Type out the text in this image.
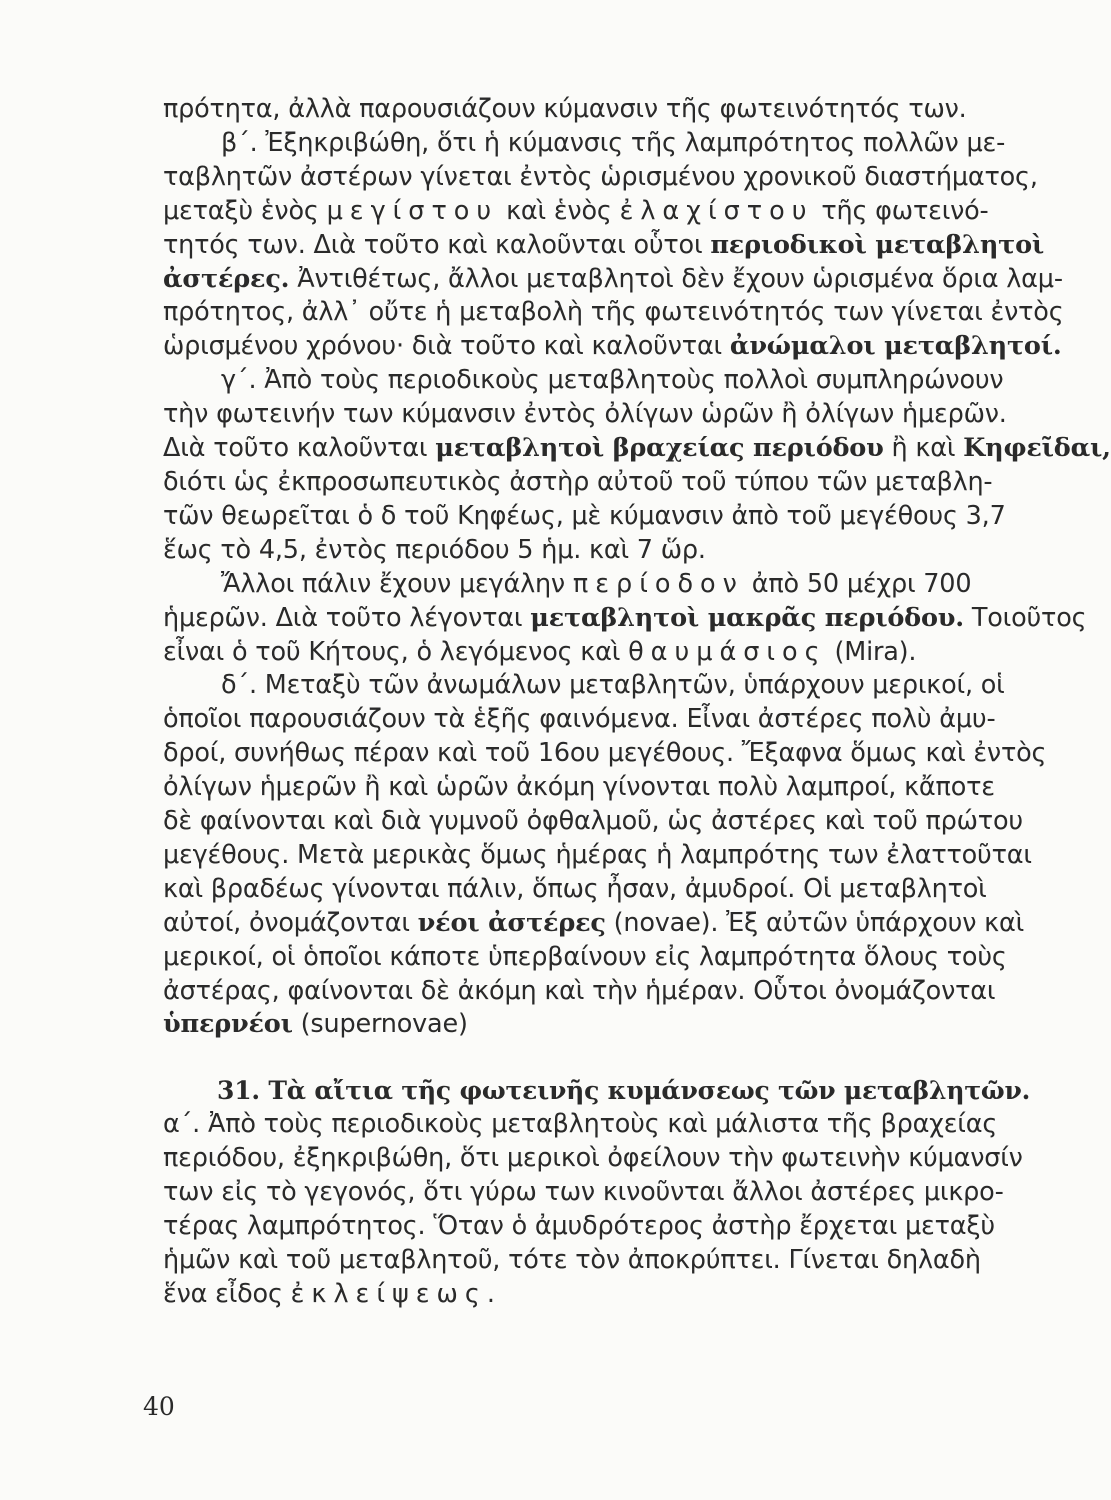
πρότητα, ἀλλὰ παρουσιάζουν κύμανσιν τῆς φωτεινότητός των.
β΄. Ἐξηκριβώθη, ὅτι ἡ κύμανσις τῆς λαμπρότητος πολλῶν με-
ταβλητῶν ἀστέρων γίνεται ἐντὸς ὡρισμένου χρονικοῦ διαστήματος,
μεταξὺ ἑνὸς μεγίστου καὶ ἑνὸς ἐλαχίστου τῆς φωτεινό-
τητός των. Διὰ τοῦτο καὶ καλοῦνται οὗτοι περιοδικοὶ μεταβλητοὶ
ἀστέρες. Ἀντιθέτως, ἄλλοι μεταβλητοὶ δὲν ἔχουν ὡρισμένα ὅρια λαμ-
πρότητος, ἀλλ᾽ οὔτε ἡ μεταβολὴ τῆς φωτεινότητός των γίνεται ἐντὸς
ὡρισμένου χρόνου· διὰ τοῦτο καὶ καλοῦνται ἀνώμαλοι μεταβλητοί.
γ΄. Ἀπὸ τοὺς περιοδικοὺς μεταβλητοὺς πολλοὶ συμπληρώνουν
τὴν φωτεινήν των κύμανσιν ἐντὸς ὀλίγων ὡρῶν ἢ ὀλίγων ἡμερῶν.
Διὰ τοῦτο καλοῦνται μεταβλητοὶ βραχείας περιόδου ἢ καὶ Κηφεῖδαι,
διότι ὡς ἐκπροσωπευτικὸς ἀστὴρ αὐτοῦ τοῦ τύπου τῶν μεταβλη-
τῶν θεωρεῖται ὁ δ τοῦ Κηφέως, μὲ κύμανσιν ἀπὸ τοῦ μεγέθους 3,7
ἕως τὸ 4,5, ἐντὸς περιόδου 5 ἡμ. καὶ 7 ὥρ.
Ἄλλοι πάλιν ἔχουν μεγάλην περίοδον ἀπὸ 50 μέχρι 700
ἡμερῶν. Διὰ τοῦτο λέγονται μεταβλητοὶ μακρᾶς περιόδου. Τοιοῦτος
εἶναι ὁ τοῦ Κήτους, ὁ λεγόμενος καὶ θαυμάσιος (Mira).
δ΄. Μεταξὺ τῶν ἀνωμάλων μεταβλητῶν, ὑπάρχουν μερικοί, οἱ
ὁποῖοι παρουσιάζουν τὰ ἑξῆς φαινόμενα. Εἶναι ἀστέρες πολὺ ἀμυ-
δροί, συνήθως πέραν καὶ τοῦ 16ου μεγέθους. Ἔξαφνα ὅμως καὶ ἐντὸς
ὀλίγων ἡμερῶν ἢ καὶ ὡρῶν ἀκόμη γίνονται πολὺ λαμπροί, κἄποτε
δὲ φαίνονται καὶ διὰ γυμνοῦ ὀφθαλμοῦ, ὡς ἀστέρες καὶ τοῦ πρώτου
μεγέθους. Μετὰ μερικὰς ὅμως ἡμέρας ἡ λαμπρότης των ἐλαττοῦται
καὶ βραδέως γίνονται πάλιν, ὅπως ἦσαν, ἀμυδροί. Οἱ μεταβλητοὶ
αὐτοί, ὀνομάζονται νέοι ἀστέρες (novae). Ἐξ αὐτῶν ὑπάρχουν καὶ
μερικοί, οἱ ὁποῖοι κάποτε ὑπερβαίνουν εἰς λαμπρότητα ὅλους τοὺς
ἀστέρας, φαίνονται δὲ ἀκόμη καὶ τὴν ἡμέραν. Οὗτοι ὀνομάζονται
ὑπερνέοι (supernovae)
31. Τὰ αἴτια τῆς φωτεινῆς κυμάνσεως τῶν μεταβλητῶν.
α΄. Ἀπὸ τοὺς περιοδικοὺς μεταβλητοὺς καὶ μάλιστα τῆς βραχείας
περιόδου, ἐξηκριβώθη, ὅτι μερικοὶ ὀφείλουν τὴν φωτεινὴν κύμανσίν
των εἰς τὸ γεγονός, ὅτι γύρω των κινοῦνται ἄλλοι ἀστέρες μικρο-
τέρας λαμπρότητος. Ὅταν ὁ ἀμυδρότερος ἀστὴρ ἔρχεται μεταξὺ
ἡμῶν καὶ τοῦ μεταβλητοῦ, τότε τὸν ἀποκρύπτει. Γίνεται δηλαδὴ
ἕνα εἶδος ἐκλείψεως.
40
